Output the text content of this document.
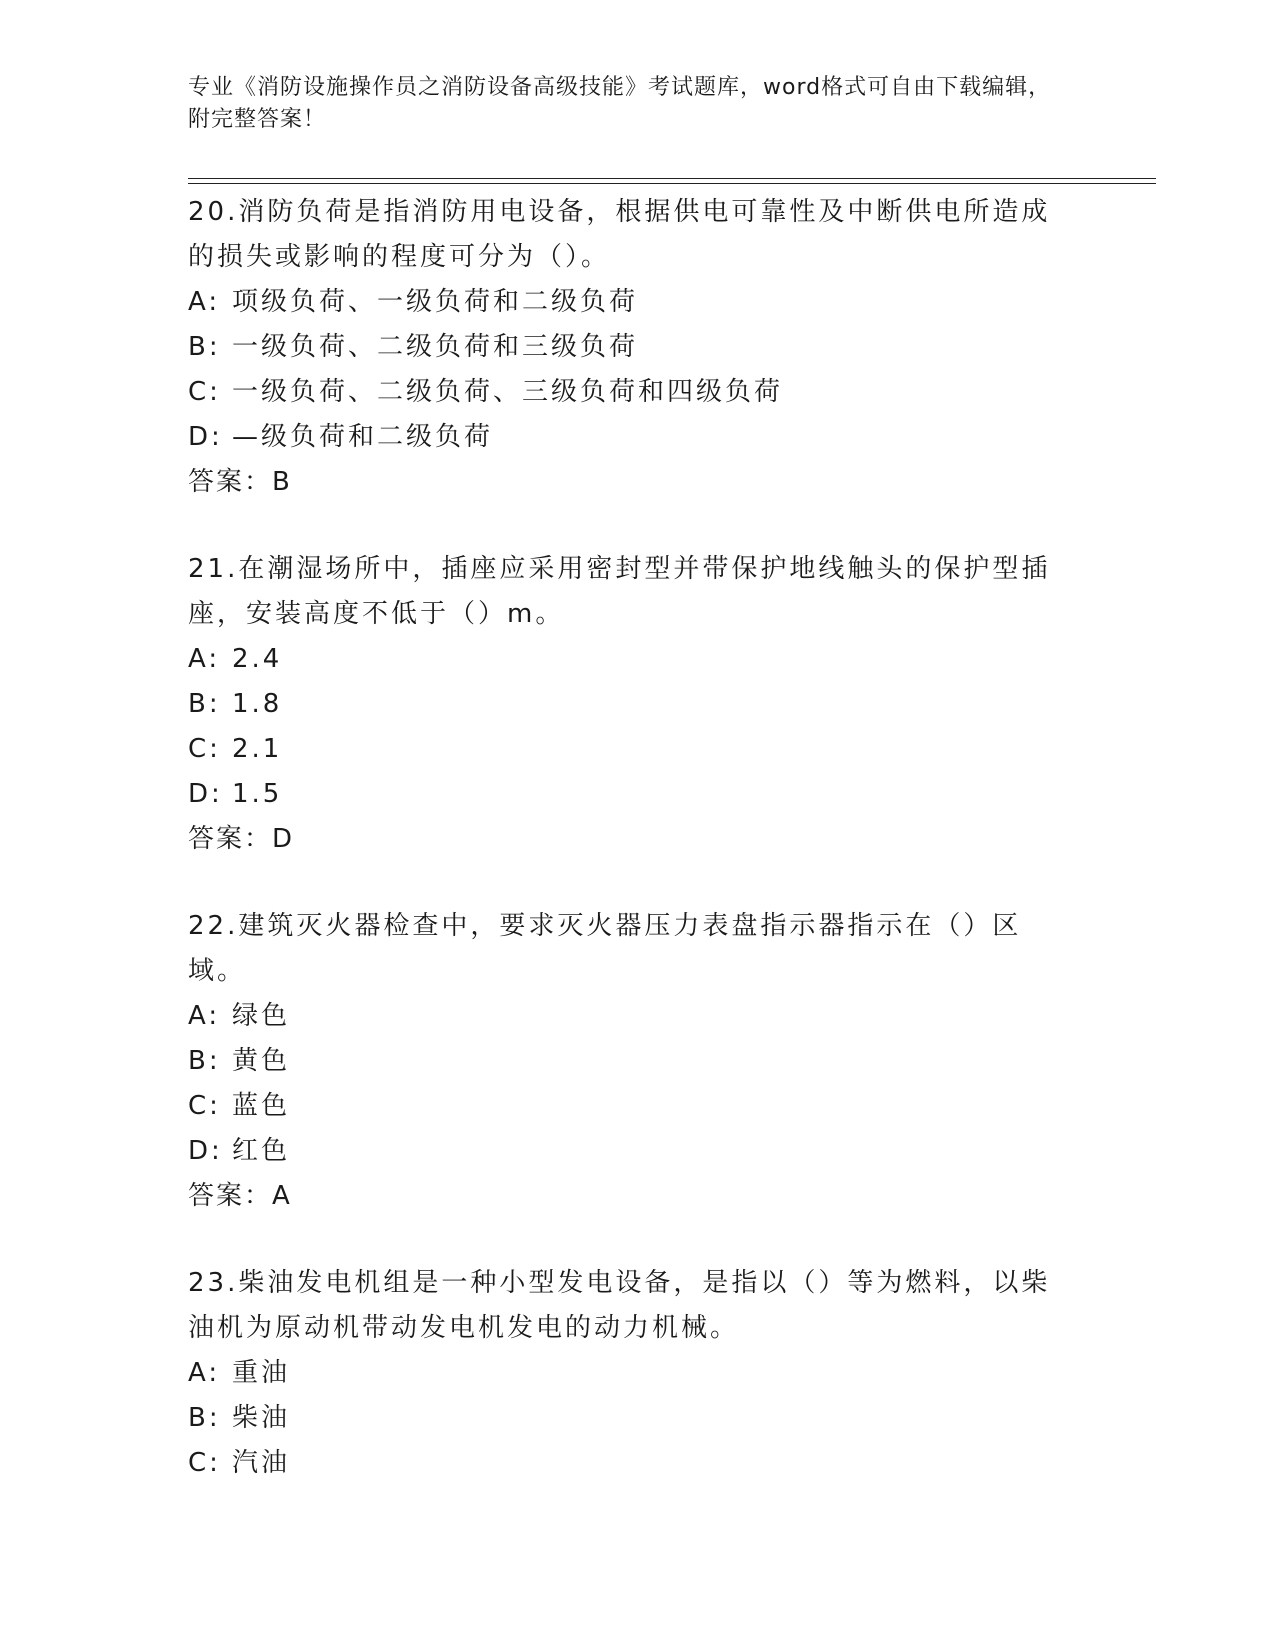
专业《消防设施操作员之消防设备高级技能》考试题库，word格式可自由下载编辑，附完整答案！
20.消防负荷是指消防用电设备，根据供电可靠性及中断供电所造成的损失或影响的程度可分为（）。
A: 项级负荷、一级负荷和二级负荷
B: 一级负荷、二级负荷和三级负荷
C: 一级负荷、二级负荷、三级负荷和四级负荷
D: —级负荷和二级负荷
答案：B
21.在潮湿场所中，插座应采用密封型并带保护地线触头的保护型插座，安装高度不低于（）m。
A: 2.4
B: 1.8
C: 2.1
D: 1.5
答案：D
22.建筑灭火器检查中，要求灭火器压力表盘指示器指示在（）区域。
A: 绿色
B: 黄色
C: 蓝色
D: 红色
答案：A
23.柴油发电机组是一种小型发电设备，是指以（）等为燃料，以柴油机为原动机带动发电机发电的动力机械。
A: 重油
B: 柴油
C: 汽油
